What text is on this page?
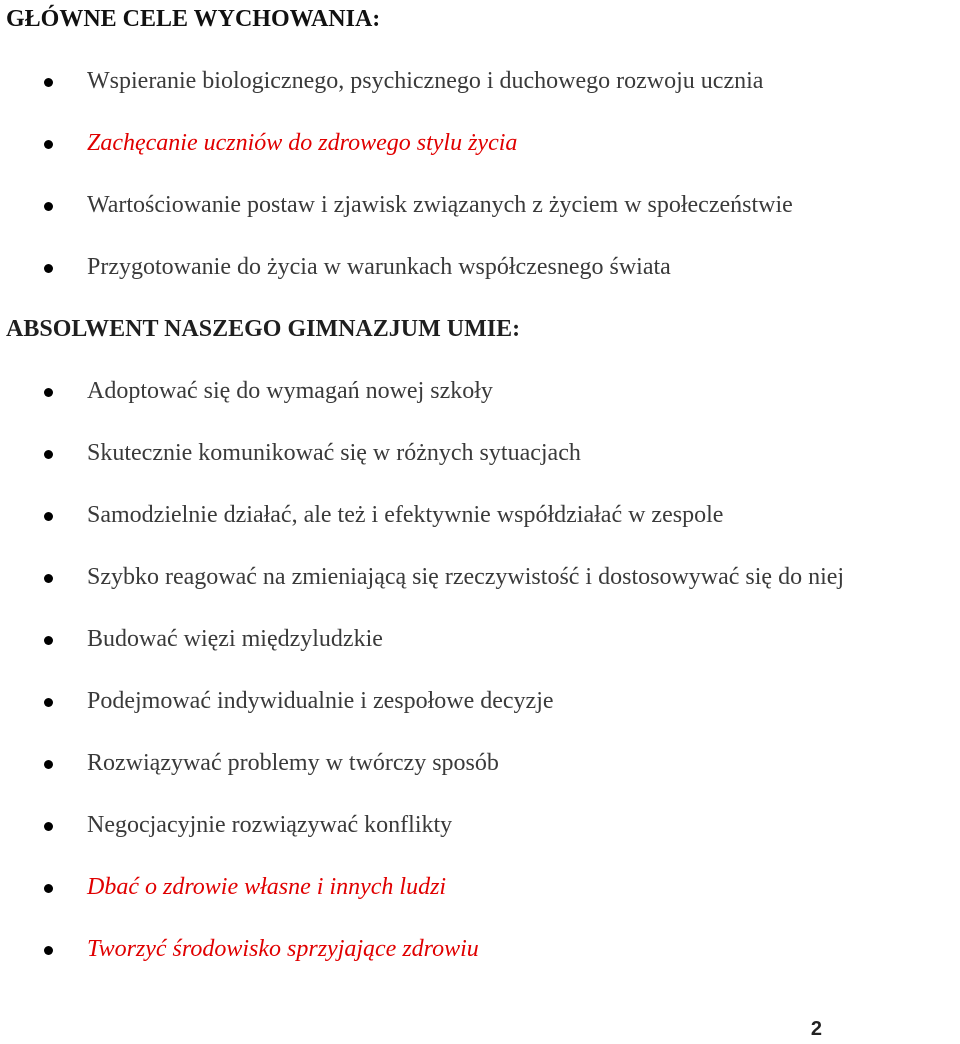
GŁÓWNE CELE WYCHOWANIA:
Wspieranie biologicznego, psychicznego i duchowego rozwoju ucznia
Zachęcanie uczniów do zdrowego stylu życia
Wartościowanie postaw i zjawisk związanych z życiem w społeczeństwie
Przygotowanie do życia w warunkach współczesnego świata
ABSOLWENT NASZEGO GIMNAZJUM UMIE:
Adoptować się do wymagań nowej szkoły
Skutecznie komunikować się w różnych sytuacjach
Samodzielnie działać, ale też i efektywnie współdziałać w zespole
Szybko reagować na zmieniającą się rzeczywistość i dostosowywać się do niej
Budować więzi międzyludzkie
Podejmować indywidualnie i zespołowe decyzje
Rozwiązywać problemy w twórczy sposób
Negocjacyjnie rozwiązywać konflikty
Dbać o zdrowie własne i innych ludzi
Tworzyć środowisko sprzyjające zdrowiu
2
